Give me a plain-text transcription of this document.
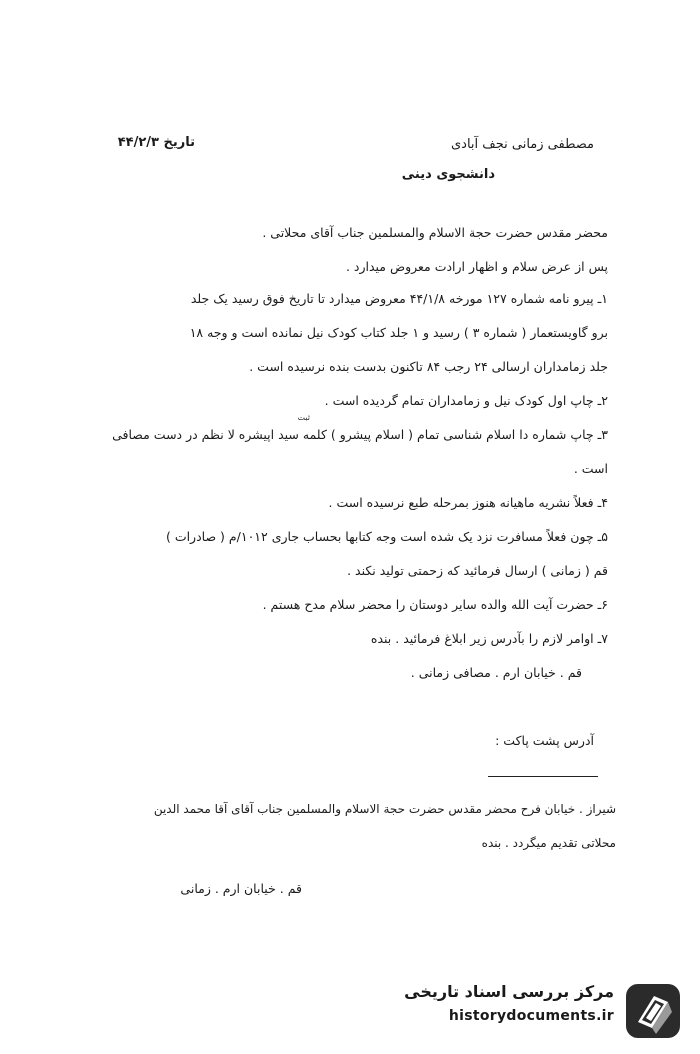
مصطفی زمانی نجف آبادی
تاریخ ۴۴/۲/۳
دانشجوی دینی
محضر مقدس حضرت حجة الاسلام والمسلمین جناب آقای محلاتی .
پس از عرض سلام و اظهار ارادت معروض میدارد .
۱ـ پیرو نامه شماره ۱۲۷ مورخه ۴۴/۱/۸ معروض میدارد تا تاریخ فوق رسید یک جلد
برو گاویستعمار ( شماره ۳ ) رسید و ۱ جلد کتاب کودک نیل نمانده است و وجه ۱۸
جلد زمامداران ارسالی ۲۴ رجب ۸۴ تاکنون بدست بنده نرسیده است .
۲ـ چاپ اول کودک نیل و زمامداران تمام گردیده است .
ثبت
۳ـ چاپ شماره دا اسلام شناسی تمام ( اسلام پیشرو ) کلمه سید اپیشره لا نظم در دست مصافی
است .
۴ـ فعلاً نشریه ماهیانه هنوز بمرحله طبع نرسیده است .
۵ـ چون فعلاً مسافرت نزد یک شده است وجه کتابها بحساب جاری ۱۰۱۲/م ( صادرات )
قم ( زمانی ) ارسال فرمائید که زحمتی تولید نکند .
۶ـ حضرت آیت الله والده سایر دوستان را محضر سلام مدح هستم .
۷ـ اوامر لازم را بآدرس زیر ابلاغ فرمائید . بنده
قم . خیابان ارم . مصافی زمانی .
آدرس پشت پاکت :
شیراز . خیابان فرح محضر مقدس حضرت حجة الاسلام والمسلمین جناب آقای آقا محمد الدین
محلاتی تقدیم میگردد . بنده
قم . خیابان ارم . زمانی
مرکز بررسی اسناد تاریخی
historydocuments.ir
